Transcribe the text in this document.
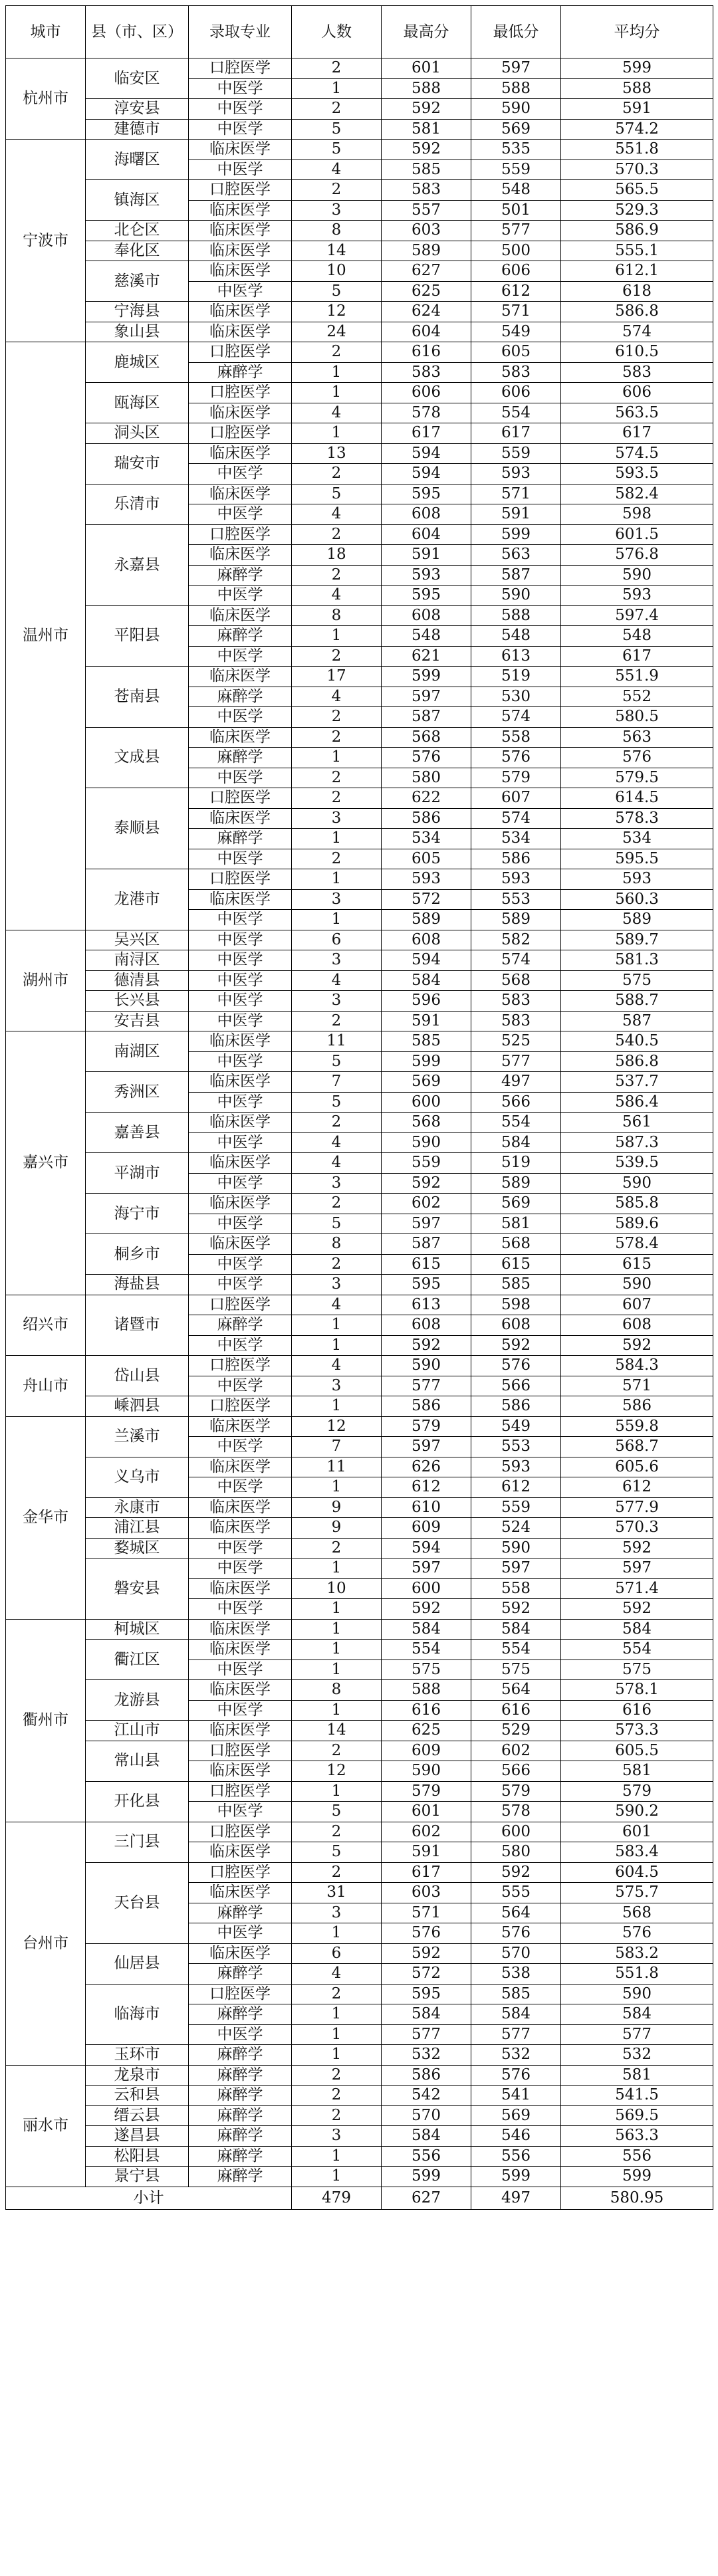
城市	县（市、区）	录取专业	人数	最高分	最低分	平均分
杭州市	临安区	口腔医学	2	601	597	599
		中医学	1	588	588	588
	淳安县	中医学	2	592	590	591
	建德市	中医学	5	581	569	574.2
宁波市	海曙区	临床医学	5	592	535	551.8
		中医学	4	585	559	570.3
	镇海区	口腔医学	2	583	548	565.5
		临床医学	3	557	501	529.3
	北仑区	临床医学	8	603	577	586.9
	奉化区	临床医学	14	589	500	555.1
	慈溪市	临床医学	10	627	606	612.1
		中医学	5	625	612	618
	宁海县	临床医学	12	624	571	586.8
	象山县	临床医学	24	604	549	574
温州市	鹿城区	口腔医学	2	616	605	610.5
		麻醉学	1	583	583	583
	瓯海区	口腔医学	1	606	606	606
		临床医学	4	578	554	563.5
	洞头区	口腔医学	1	617	617	617
	瑞安市	临床医学	13	594	559	574.5
		中医学	2	594	593	593.5
	乐清市	临床医学	5	595	571	582.4
		中医学	4	608	591	598
	永嘉县	口腔医学	2	604	599	601.5
		临床医学	18	591	563	576.8
		麻醉学	2	593	587	590
		中医学	4	595	590	593
	平阳县	临床医学	8	608	588	597.4
		麻醉学	1	548	548	548
		中医学	2	621	613	617
	苍南县	临床医学	17	599	519	551.9
		麻醉学	4	597	530	552
		中医学	2	587	574	580.5
	文成县	临床医学	2	568	558	563
		麻醉学	1	576	576	576
		中医学	2	580	579	579.5
	泰顺县	口腔医学	2	622	607	614.5
		临床医学	3	586	574	578.3
		麻醉学	1	534	534	534
		中医学	2	605	586	595.5
	龙港市	口腔医学	1	593	593	593
		临床医学	3	572	553	560.3
		中医学	1	589	589	589
湖州市	吴兴区	中医学	6	608	582	589.7
	南浔区	中医学	3	594	574	581.3
	德清县	中医学	4	584	568	575
	长兴县	中医学	3	596	583	588.7
	安吉县	中医学	2	591	583	587
嘉兴市	南湖区	临床医学	11	585	525	540.5
		中医学	5	599	577	586.8
	秀洲区	临床医学	7	569	497	537.7
		中医学	5	600	566	586.4
	嘉善县	临床医学	2	568	554	561
		中医学	4	590	584	587.3
	平湖市	临床医学	4	559	519	539.5
		中医学	3	592	589	590
	海宁市	临床医学	2	602	569	585.8
		中医学	5	597	581	589.6
	桐乡市	临床医学	8	587	568	578.4
		中医学	2	615	615	615
	海盐县	中医学	3	595	585	590
绍兴市	诸暨市	口腔医学	4	613	598	607
		麻醉学	1	608	608	608
		中医学	1	592	592	592
舟山市	岱山县	口腔医学	4	590	576	584.3
		中医学	3	577	566	571
	嵊泗县	口腔医学	1	586	586	586
金华市	兰溪市	临床医学	12	579	549	559.8
		中医学	7	597	553	568.7
	义乌市	临床医学	11	626	593	605.6
		中医学	1	612	612	612
	永康市	临床医学	9	610	559	577.9
	浦江县	临床医学	9	609	524	570.3
	婺城区	中医学	2	594	590	592
	磐安县	中医学	1	597	597	597
		临床医学	10	600	558	571.4
		中医学	1	592	592	592
衢州市	柯城区	临床医学	1	584	584	584
	衢江区	临床医学	1	554	554	554
		中医学	1	575	575	575
	龙游县	临床医学	8	588	564	578.1
		中医学	1	616	616	616
	江山市	临床医学	14	625	529	573.3
	常山县	口腔医学	2	609	602	605.5
		临床医学	12	590	566	581
	开化县	口腔医学	1	579	579	579
		中医学	5	601	578	590.2
台州市	三门县	口腔医学	2	602	600	601
		临床医学	5	591	580	583.4
	天台县	口腔医学	2	617	592	604.5
		临床医学	31	603	555	575.7
		麻醉学	3	571	564	568
		中医学	1	576	576	576
	仙居县	临床医学	6	592	570	583.2
		麻醉学	4	572	538	551.8
	临海市	口腔医学	2	595	585	590
		麻醉学	1	584	584	584
		中医学	1	577	577	577
	玉环市	麻醉学	1	532	532	532
丽水市	龙泉市	麻醉学	2	586	576	581
	云和县	麻醉学	2	542	541	541.5
	缙云县	麻醉学	2	570	569	569.5
	遂昌县	麻醉学	3	584	546	563.3
	松阳县	麻醉学	1	556	556	556
	景宁县	麻醉学	1	599	599	599
小计			479	627	497	580.95
